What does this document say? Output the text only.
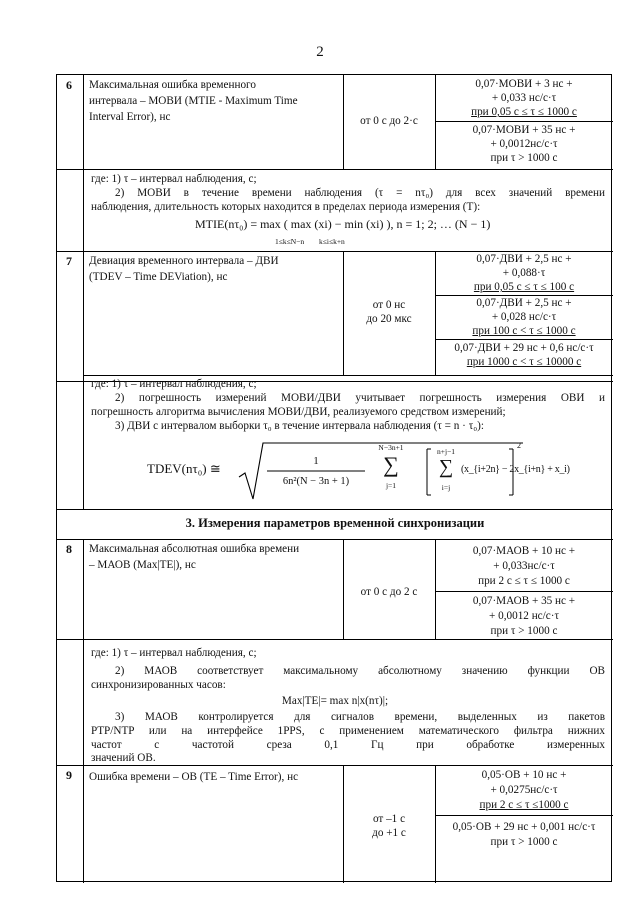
2
6 Максимальная ошибка временного
интервала – МОВИ (MTIE - Maximum Time
Interval Error), нс	от 0 с до 2·с
0,07·МОВИ + 3 нс +
+ 0,033 нс/с·τ
при 0,05 с ≤ τ ≤ 1000 с
0,07·МОВИ + 35 нс +
+ 0,0012нс/с·τ
при τ > 1000 с
где: 1) τ – интервал наблюдения, с;
2) МОВИ в течение времени наблюдения (τ = nτ₀) для всех значений времени
наблюдения, длительность которых находится в пределах периода измерения (T):
MTIE(nτ₀) = max ( max (xi) − min (xi) ), n = 1; 2; … (N − 1)
1≤k≤N−n k≤i≤k+n
7 Девиация временного интервала – ДВИ
(TDEV – Time DEViation), нс
от 0 нс
до 20 мкс
0,07·ДВИ + 2,5 нс +
+ 0,088·τ
при 0,05 с ≤ τ ≤ 100 с
0,07·ДВИ + 2,5 нс +
+ 0,028 нс/с·τ
при 100 с < τ ≤ 1000 с
0,07·ДВИ + 29 нс + 0,6 нс/с·τ
при 1000 с < τ ≤ 10000 с
где: 1) τ – интервал наблюдения, с;
2) погрешность измерений МОВИ/ДВИ учитывает погрешность измерения ОВИ и
погрешность алгоритма вычисления МОВИ/ДВИ, реализуемого средством измерений;
3) ДВИ с интервалом выборки τ₀ в течение интервала наблюдения (τ = n · τ₀):
TDEV(nτ₀) ≅	1
6n²(N − 3n + 1)
N−3n+1
∑
j=1
n+j−1
∑
i=j
(x_{i+2n} − 2x_{i+n} + x_i)
2
3. Измерения параметров временной синхронизации
8 Максимальная абсолютная ошибка времени
– МАОВ (Max|TE|), нс
от 0 с до 2 с
0,07·МАОВ + 10 нс +
+ 0,033нс/с·τ
при 2 с ≤ τ ≤ 1000 с
0,07·МАОВ + 35 нс +
+ 0,0012 нс/с·τ
при τ > 1000 с
где: 1) τ – интервал наблюдения, с;
2) МАОВ соответствует максимальному абсолютному значению функции ОВ
синхронизированных часов:
Max|TE|= max n|x(nτ)|;
3) МАОВ контролируется для сигналов времени, выделенных из пакетов
PTP/NTP или на интерфейсе 1PPS, с применением математического фильтра нижних
частот с частотой среза 0,1 Гц при обработке измеренных
значений ОВ.
9 Ошибка времени – ОВ (TE – Time Error), нс
от –1 с
до +1 с
0,05·ОВ + 10 нс +
+ 0,0275нс/с·τ
при 2 с ≤ τ ≤1000 с
0,05·ОВ + 29 нс + 0,001 нс/с·τ
при τ > 1000 с
